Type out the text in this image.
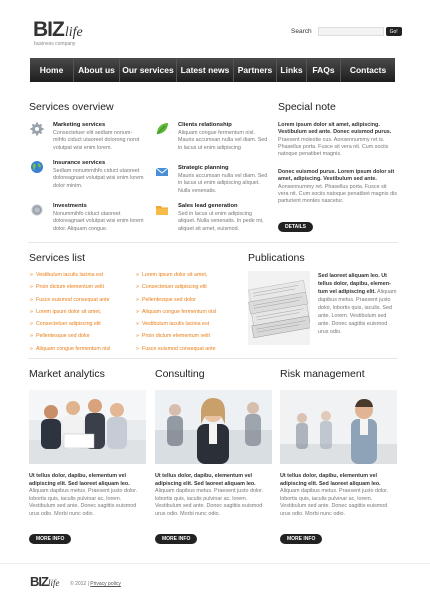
BIZlife
business company
Search	Go!
Home	About us Our services Latest news Partners Links	FAQs	Contacts
Services overview
Marketing services
Consectetuer elit sedlam nonum- mihfo ciduct utaoreet dolorong norot volutpat wisi enim lorem.
Clients relationship
Aliquam congue fermentum nisl. Mauris accumsan nulla vel diam. Sed in lacus ut enim adipiscing
Insurance services
Sedlam nonummihfo ciduct utaoreet doloreagnaet volutpat wisi enim lorem dolor minim.
Strategic planning
Mauris accumsan nulla vel diam. Sed in lacus ut enim adipiscing aliquet. Nulla venenatis.
Investments
Nonummihfo ciduct utaoreet doloreagnaet volutpat wisi enim lorem dolor. Aliquam congue.
Sales lead generation
Sed in lacus ut enim adipiscing aliquet. Nulla venenatis. In pede mi, aliquet sit amet, euismod.
Special note
Lorem ipsum dolor sit amet, adipiscing. Vestibulum sed ante. Donec euismod purus. Praesent molestie cus. Aonsennummy ret is. Phasellus porta. Fusce sit vera nit. Cum sociis natoque penatibet magnis.
Donec euismod purus. Lorem ipsum dolor sit amet, adipiscing. Vestibulum sed ante. Aonsennummy ret. Phasellus porta. Fusce sit vera nit. Cum sociis natoque penatibet magnis dis parturient montes nascetur.
DETAILS
Services list
» Vestibulum iaculis lacinia est
» Proin dictum elementum velit
» Fusce euismod consequat ante
» Lorem ipsum dolor sit amet,
» Consectetuer adipiscing elit
» Pellentesque sed dolor
» Aliquam congue fermentum nisl
» Lorem ipsum dolor sit amet,
» Consectetuer adipiscing elit
» Pellentesque sed dolor
» Aliquam congue fermentum nisl
» Vestibulum iaculis lacinia est
» Proin dictum elementum velit
» Fusce euismod consequat ante
Publications
Sed laoreet aliquam leo. Ut tellus dolor, dapibu, elemen- tum vel adipiscing elit. Aliquam dapibus metus. Praesent justo dolor, lobortis quis, iaculis. Sed ante. Lorem. Vestibulum sed ante. Donec sagittis euismod urus odio.
Market analytics	Consulting	Risk management
Ut tellus dolor, dapibu, elementum vel adipiscing elit. Sed laoreet aliquam leo. Aliquam dapibus metus. Praesent justo dolor. lobortis quis, iaculis pulvinar ac, lorem. Vestibulum sed ante. Donec sagittis euismod urus odio. Morbi nunc odio.
Ut tellus dolor, dapibu, elementum vel adipiscing elit. Sed laoreet aliquam leo. Aliquam dapibus metus. Praesent justo dolor. lobortis quis, iaculis pulvinar ac, lorem. Vestibulum sed ante. Donec sagittis euismod urus odio. Morbi nunc odio.
Ut tellus dolor, dapibu, elementum vel adipiscing elit. Sed laoreet aliquam leo. Aliquam dapibus metus. Praesent justo dolor. lobortis quis, iaculis pulvinar ac, lorem. Vestibulum sed ante. Donec sagittis euismod urus odio. Morbi nunc odio.
MORE INFO	MORE INFO	MORE INFO
BIZlife © 2012 | Privacy policy
